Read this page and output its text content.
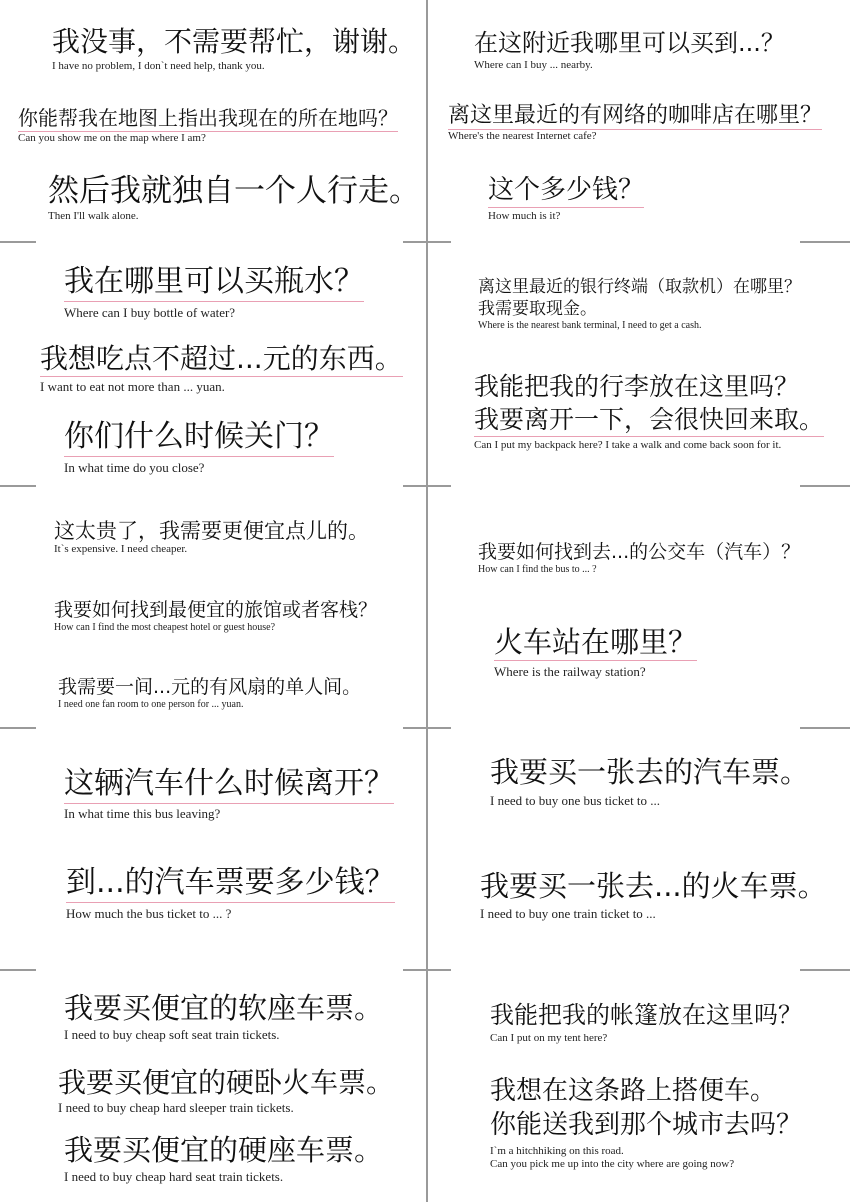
我没事，不需要帮忙，谢谢。
I have no problem, I don`t need help, thank you.
你能帮我在地图上指出我现在的所在地吗？
Can you show me on the map where I am?
然后我就独自一个人行走。
Then I'll walk alone.
我在哪里可以买瓶水？
Where can I buy bottle of water?
我想吃点不超过...元的东西。
I want to eat not more than ... yuan.
你们什么时候关门？
In what time do you close?
这太贵了，我需要更便宜点儿的。
It`s expensive. I need cheaper.
我要如何找到最便宜的旅馆或者客栈？
How can I find the most cheapest hotel or guest house?
我需要一间...元的有风扇的单人间。
I need one fan room to one person for ... yuan.
这辆汽车什么时候离开？
In what time this bus leaving?
到...的汽车票要多少钱？
How much the bus ticket to ... ?
我要买便宜的软座车票。
I need to buy cheap soft seat train tickets.
我要买便宜的硬卧火车票。
I need to buy cheap hard sleeper train tickets.
我要买便宜的硬座车票。
I need to buy cheap hard seat train tickets.
在这附近我哪里可以买到...？
Where can I buy ... nearby.
离这里最近的有网络的咖啡店在哪里？
Where's the nearest Internet cafe?
这个多少钱？
How much is it?
离这里最近的银行终端（取款机）在哪里？
我需要取现金。
Where is the nearest bank terminal, I need to get a cash.
我能把我的行李放在这里吗？
我要离开一下，会很快回来取。
Can I put my backpack here? I take a walk and come back soon for it.
我要如何找到去...的公交车（汽车）？
How can I find the bus to ... ?
火车站在哪里？
Where is the railway station?
我要买一张去的汽车票。
I need to buy one bus ticket to ...
我要买一张去...的火车票。
I need to buy one train ticket to ...
我能把我的帐篷放在这里吗？
Can I put on my tent here?
我想在这条路上搭便车。
你能送我到那个城市去吗？
I`m a hitchhiking on this road.
Can you pick me up into the city where are going now?
